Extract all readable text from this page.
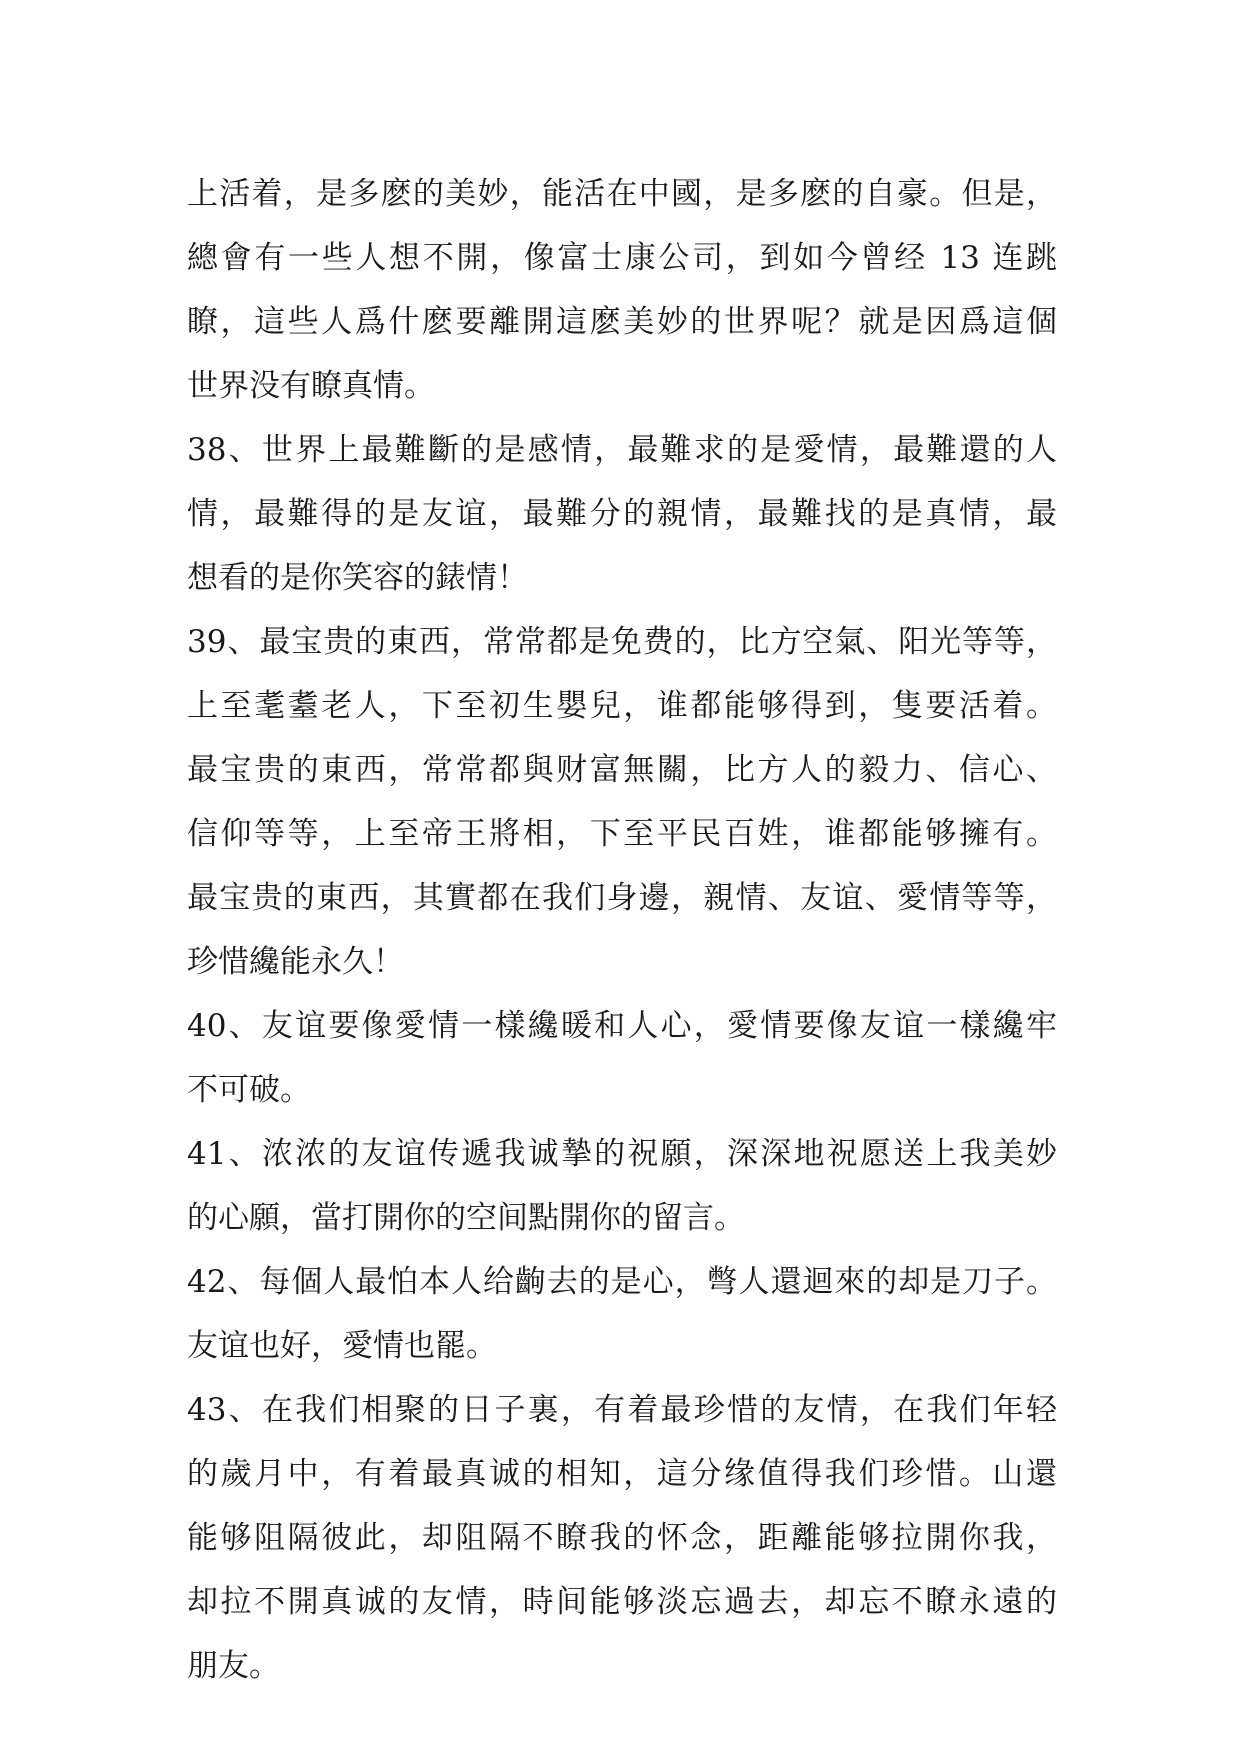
上活着，是多麽的美妙，能活在中國，是多麽的自豪。但是，
總會有一些人想不開，像富士康公司，到如今曾经 13 连跳
瞭，這些人爲什麽要離開這麽美妙的世界呢？就是因爲這個
世界没有瞭真情。
38、世界上最難斷的是感情，最難求的是愛情，最難還的人
情，最難得的是友谊，最難分的親情，最難找的是真情，最
想看的是你笑容的錶情！
39、最宝贵的東西，常常都是免费的，比方空氣、阳光等等，
上至耄耋老人，下至初生嬰兒，谁都能够得到，隻要活着。
最宝贵的東西，常常都與财富無關，比方人的毅力、信心、
信仰等等，上至帝王將相，下至平民百姓，谁都能够擁有。
最宝贵的東西，其實都在我们身邊，親情、友谊、愛情等等，
珍惜纔能永久！
40、友谊要像愛情一樣纔暖和人心，愛情要像友谊一樣纔牢
不可破。
41、浓浓的友谊传遞我诚摯的祝願，深深地祝愿送上我美妙
的心願，當打開你的空间點開你的留言。
42、每個人最怕本人给齣去的是心，彆人還迴來的却是刀子。
友谊也好，愛情也罷。
43、在我们相聚的日子裏，有着最珍惜的友情，在我们年轻
的歲月中，有着最真诚的相知，這分缘值得我们珍惜。山還
能够阻隔彼此，却阻隔不瞭我的怀念，距離能够拉開你我，
却拉不開真诚的友情，時间能够淡忘過去，却忘不瞭永遠的
朋友。
